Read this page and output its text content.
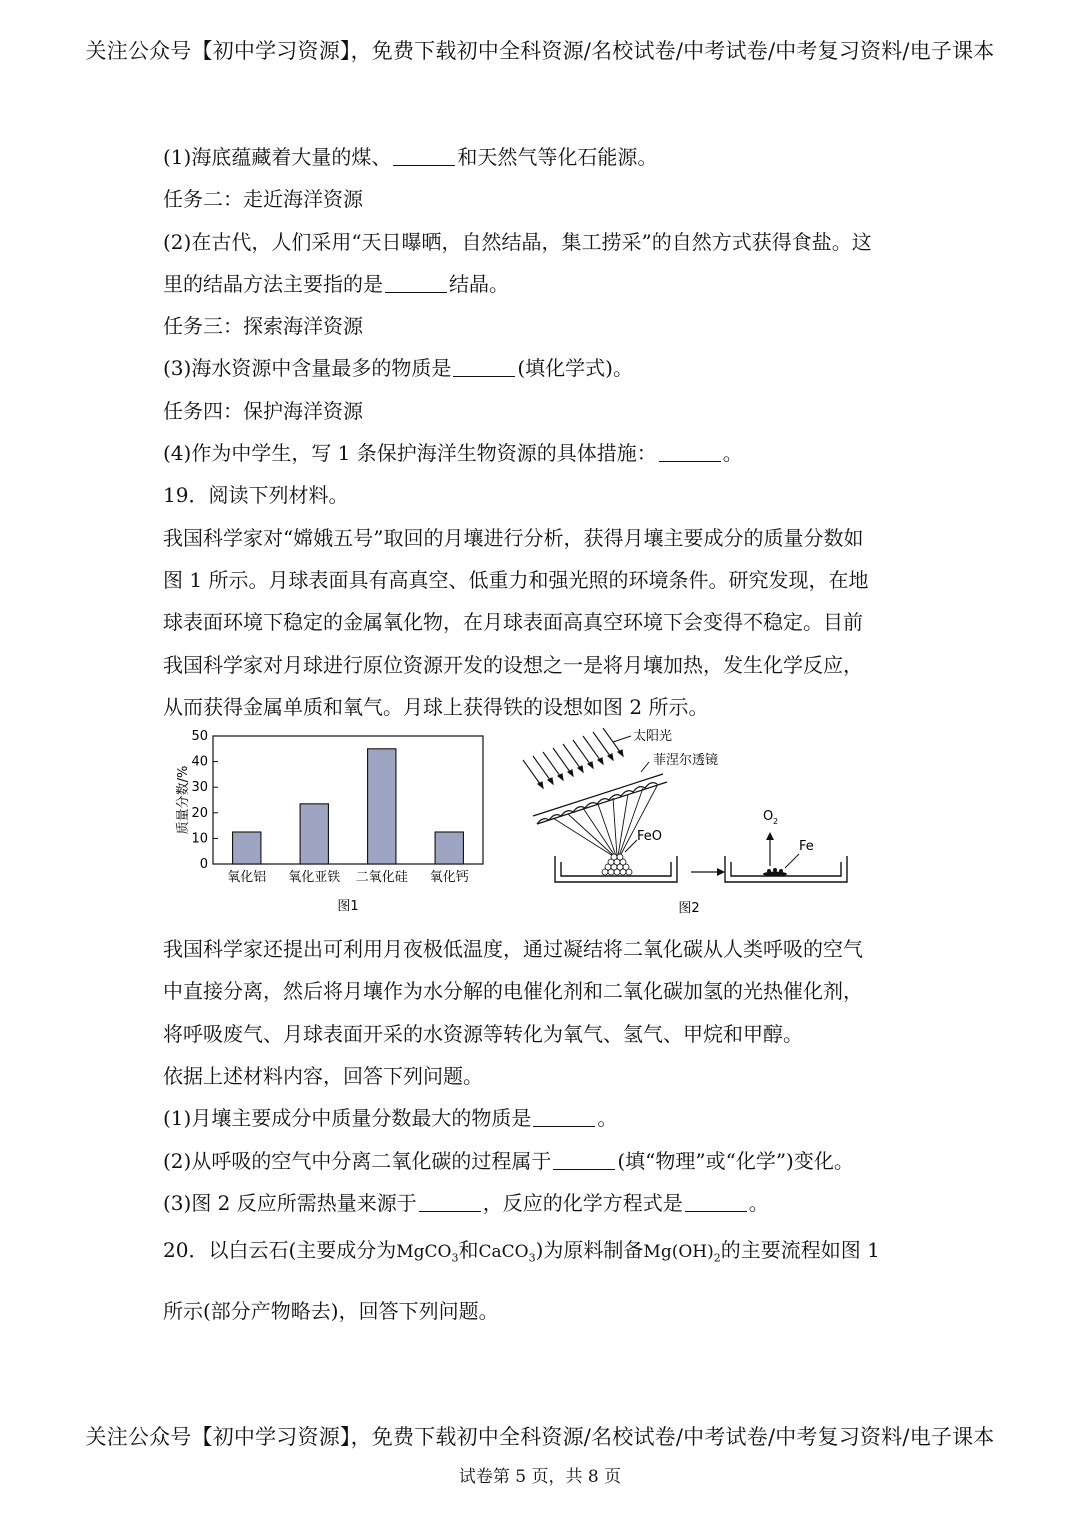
关注公众号【初中学习资源】，免费下载初中全科资源/名校试卷/中考试卷/中考复习资料/电子课本

(1)海底蕴藏着大量的煤、	和天然气等化石能源。

任务二：走近海洋资源

(2)在古代，人们采用“天日曝晒，自然结晶，集工捞采”的自然方式获得食盐。这

里的结晶方法主要指的是	结晶。

任务三：探索海洋资源

(3)海水资源中含量最多的物质是	(填化学式)。

任务四：保护海洋资源

(4)作为中学生，写 1 条保护海洋生物资源的具体措施：	。

19．阅读下列材料。

我国科学家对“嫦娥五号”取回的月壤进行分析，获得月壤主要成分的质量分数如

图 1 所示。月球表面具有高真空、低重力和强光照的环境条件。研究发现，在地

球表面环境下稳定的金属氧化物，在月球表面高真空环境下会变得不稳定。目前

我国科学家对月球进行原位资源开发的设想之一是将月壤加热，发生化学反应，

从而获得金属单质和氧气。月球上获得铁的设想如图 2 所示。

0
10
20
30
40
50
氧化铝 氧化亚铁 二氧化硅 氧化钙
质量分数/%
图1
太阳光
菲涅尔透镜
FeO
O 2
Fe
图2

我国科学家还提出可利用月夜极低温度，通过凝结将二氧化碳从人类呼吸的空气

中直接分离，然后将月壤作为水分解的电催化剂和二氧化碳加氢的光热催化剂，

将呼吸废气、月球表面开采的水资源等转化为氧气、氢气、甲烷和甲醇。

依据上述材料内容，回答下列问题。

(1)月壤主要成分中质量分数最大的物质是	。

(2)从呼吸的空气中分离二氧化碳的过程属于	(填“物理”或“化学”)变化。

(3)图 2 反应所需热量来源于	，反应的化学方程式是	。

20．以白云石(主要成分为MgCO$_3$和CaCO$_3$)为原料制备$Mg(OH)_2$的主要流程如图 1

所示(部分产物略去)，回答下列问题。

关注公众号【初中学习资源】，免费下载初中全科资源/名校试卷/中考试卷/中考复习资料/电子课本
试卷第 5 页，共 8 页
